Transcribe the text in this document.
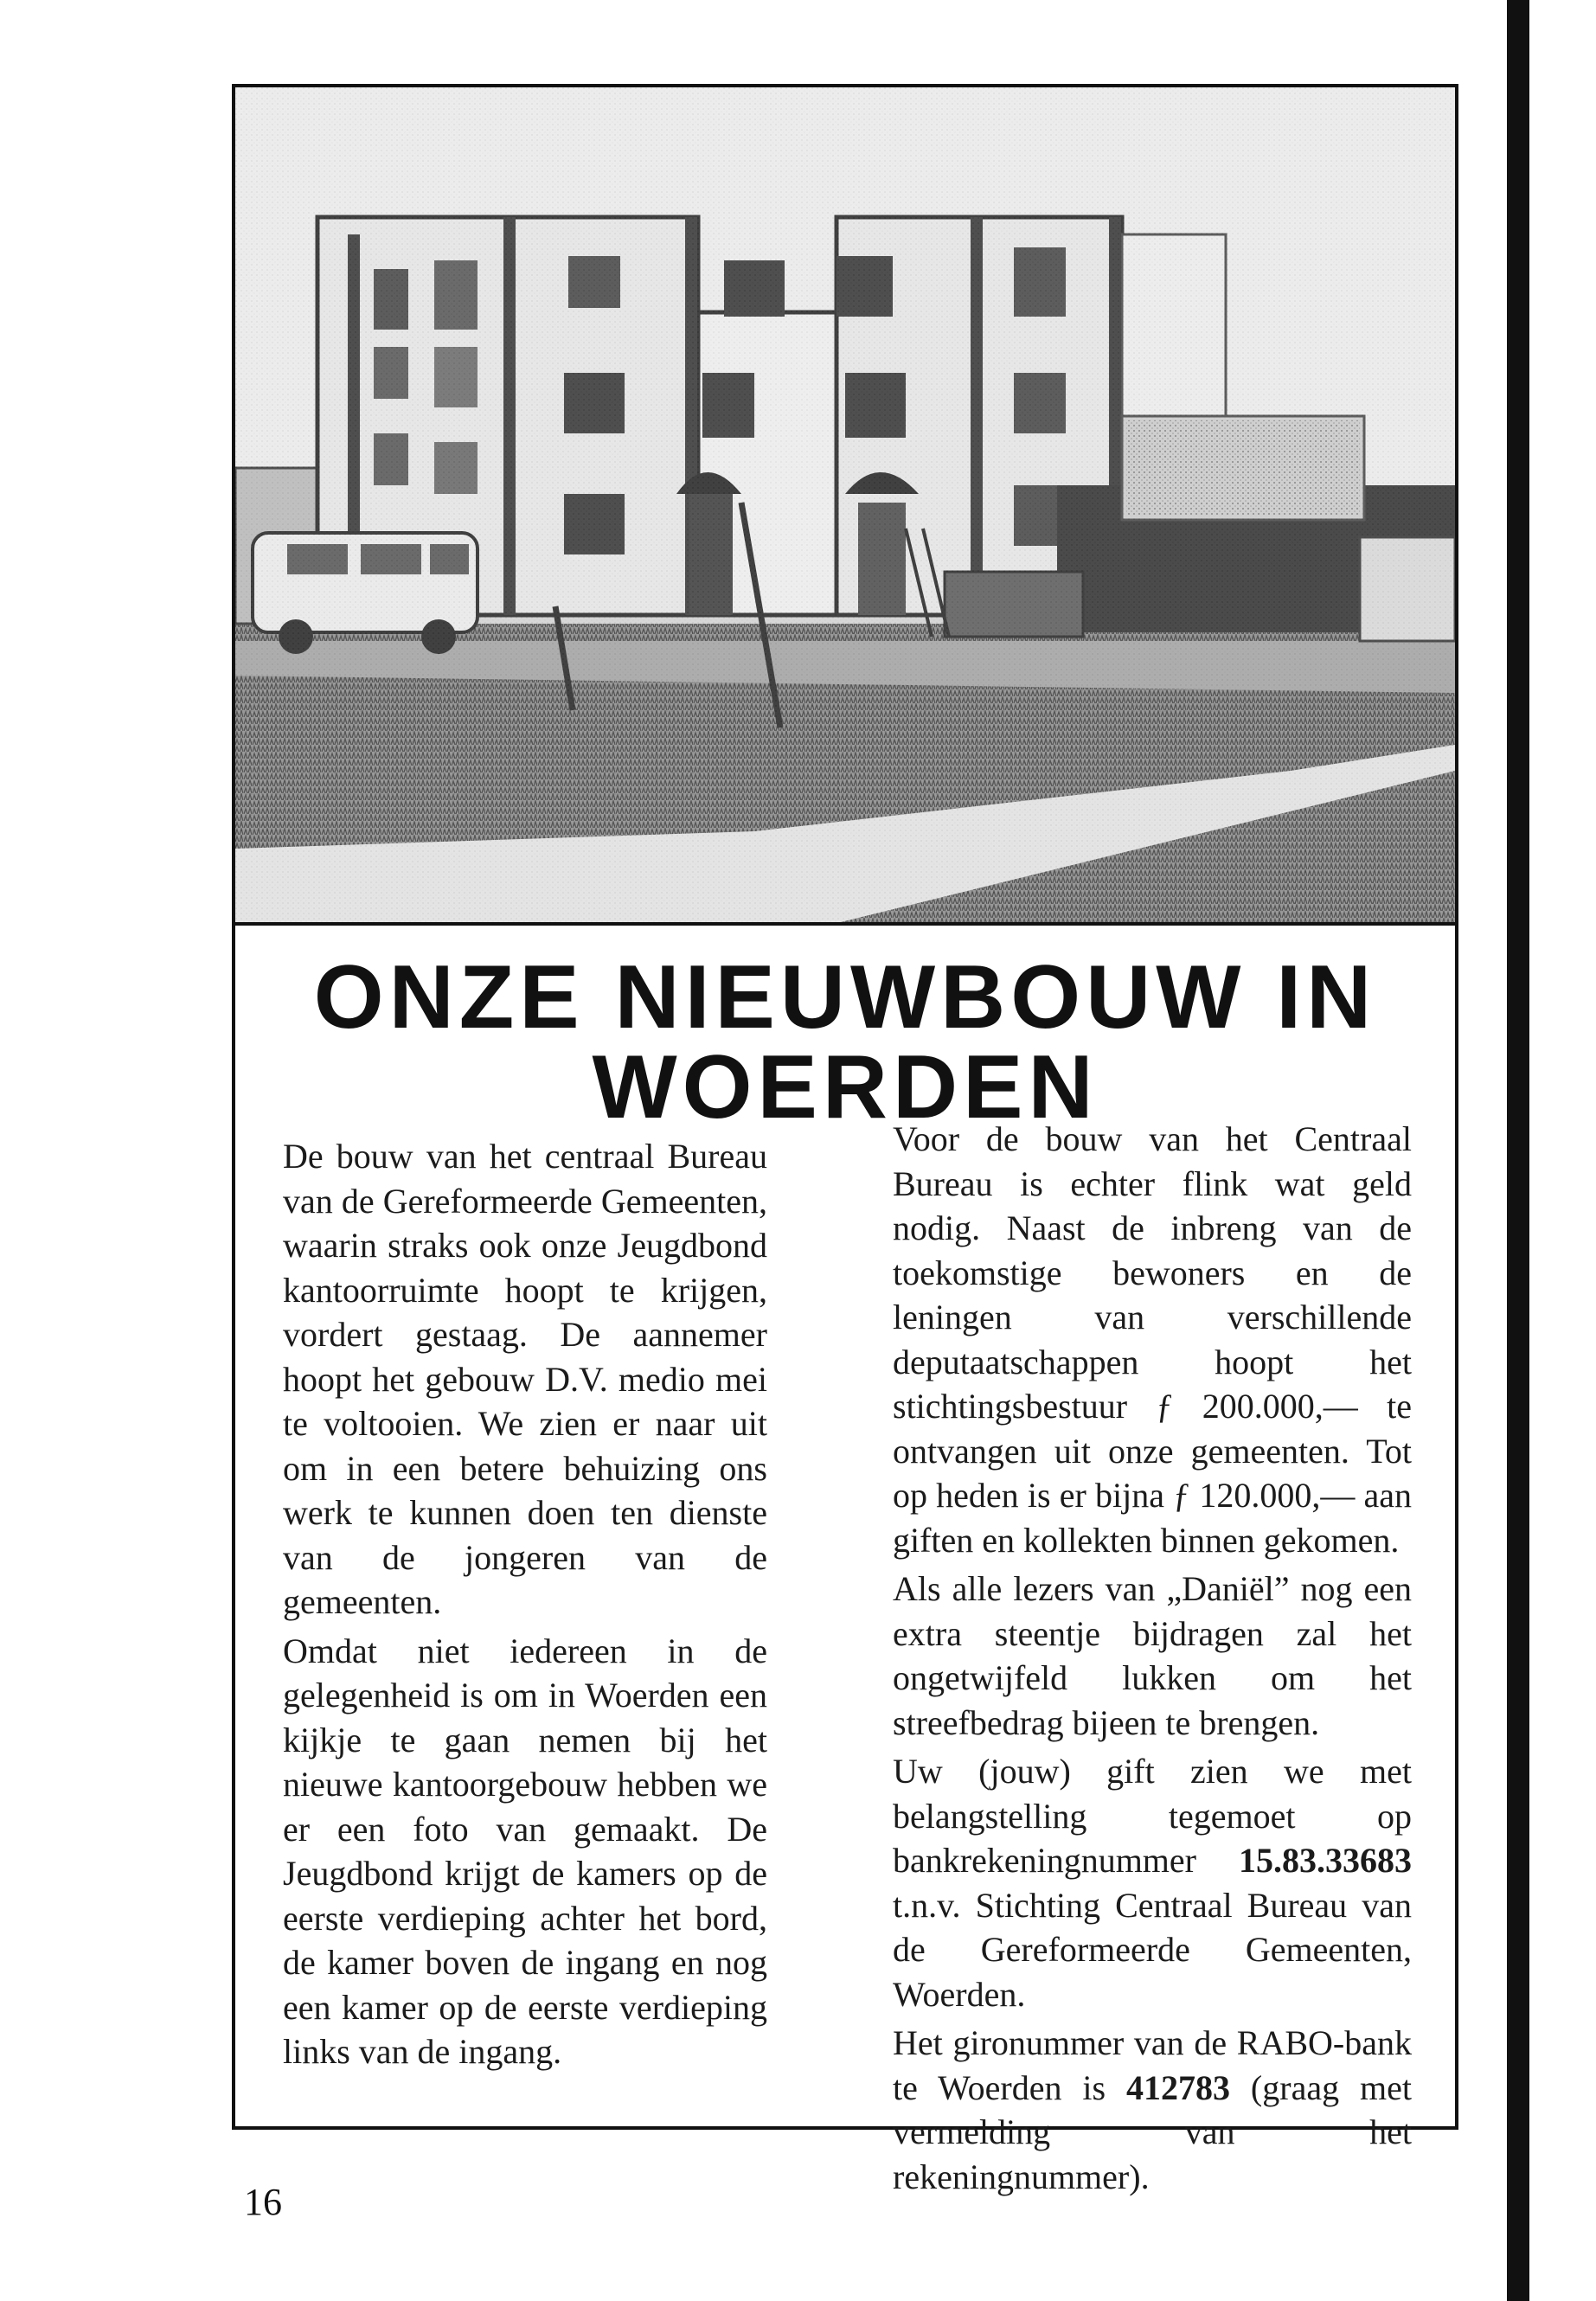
ONZE NIEUWBOUW IN WOERDEN

De bouw van het centraal Bureau van de Gereformeerde Gemeenten, waarin straks ook onze Jeugdbond kantoorruimte hoopt te krijgen, vordert gestaag. De aannemer hoopt het gebouw D.V. medio mei te voltooien. We zien er naar uit om in een betere behuizing ons werk te kunnen doen ten dienste van de jongeren van de gemeenten.

Omdat niet iedereen in de gelegenheid is om in Woerden een kijkje te gaan nemen bij het nieuwe kantoorgebouw hebben we er een foto van gemaakt. De Jeugdbond krijgt de kamers op de eerste verdieping achter het bord, de kamer boven de ingang en nog een kamer op de eerste verdieping links van de ingang.

Voor de bouw van het Centraal Bureau is echter flink wat geld nodig. Naast de inbreng van de toekomstige bewoners en de leningen van verschillende deputaatschappen hoopt het stichtingsbestuur ƒ 200.000,— te ontvangen uit onze gemeenten. Tot op heden is er bijna ƒ 120.000,— aan giften en kollekten binnen gekomen.

Als alle lezers van „Daniël” nog een extra steentje bijdragen zal het ongetwijfeld lukken om het streefbedrag bijeen te brengen.

Uw (jouw) gift zien we met belangstelling tegemoet op bankrekeningnummer 15.83.33683 t.n.v. Stichting Centraal Bureau van de Gereformeerde Gemeenten, Woerden.

Het gironummer van de RABO-bank te Woerden is 412783 (graag met vermelding van het rekeningnummer).

16
